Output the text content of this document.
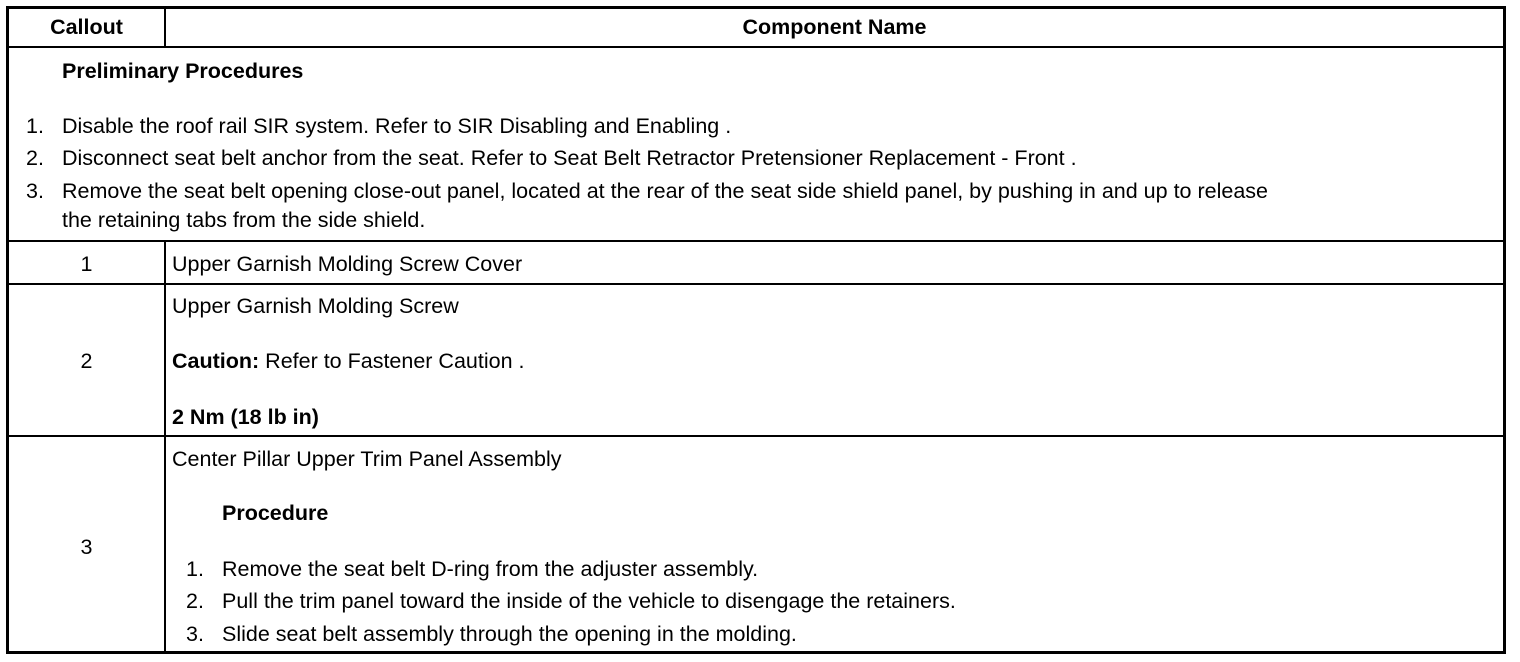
Callout	Component Name
Preliminary Procedures
1. Disable the roof rail SIR system. Refer to SIR Disabling and Enabling .
2. Disconnect seat belt anchor from the seat. Refer to Seat Belt Retractor Pretensioner Replacement - Front .
3. Remove the seat belt opening close-out panel, located at the rear of the seat side shield panel, by pushing in and up to release
the retaining tabs from the side shield.
1	Upper Garnish Molding Screw Cover
2
Upper Garnish Molding Screw
Caution: Refer to Fastener Caution .
2 Nm (18 lb in)
3
Center Pillar Upper Trim Panel Assembly
Procedure
1. Remove the seat belt D-ring from the adjuster assembly.
2. Pull the trim panel toward the inside of the vehicle to disengage the retainers.
3. Slide seat belt assembly through the opening in the molding.
